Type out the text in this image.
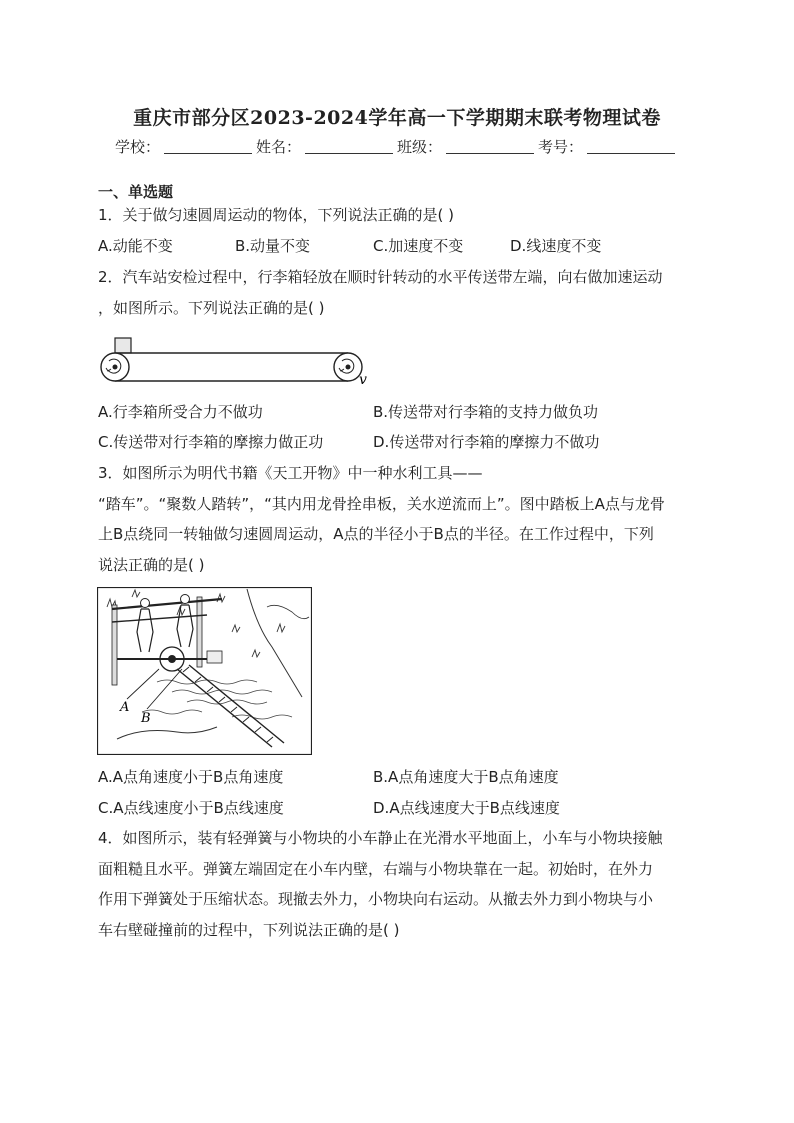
重庆市部分区2023-2024学年高一下学期期末联考物理试卷
学校：	姓名：	班级：	考号：
一、单选题
1．关于做匀速圆周运动的物体，下列说法正确的是( )
A.动能不变	B.动量不变	C.加速度不变	D.线速度不变
2．汽车站安检过程中，行李箱轻放在顺时针转动的水平传送带左端，向右做加速运动
，如图所示。下列说法正确的是( )
v
A.行李箱所受合力不做功	B.传送带对行李箱的支持力做负功
C.传送带对行李箱的摩擦力做正功	D.传送带对行李箱的摩擦力不做功
3．如图所示为明代书籍《天工开物》中一种水利工具——
“踏车”。“聚数人踏转”，“其内用龙骨拴串板，关水逆流而上”。图中踏板上A点与龙骨
上B点绕同一转轴做匀速圆周运动，A点的半径小于B点的半径。在工作过程中，下列
说法正确的是( )
A
B
A.A点角速度小于B点角速度	B.A点角速度大于B点角速度
C.A点线速度小于B点线速度	D.A点线速度大于B点线速度
4．如图所示，装有轻弹簧与小物块的小车静止在光滑水平地面上，小车与小物块接触
面粗糙且水平。弹簧左端固定在小车内壁，右端与小物块靠在一起。初始时，在外力
作用下弹簧处于压缩状态。现撤去外力，小物块向右运动。从撤去外力到小物块与小
车右壁碰撞前的过程中，下列说法正确的是( )
